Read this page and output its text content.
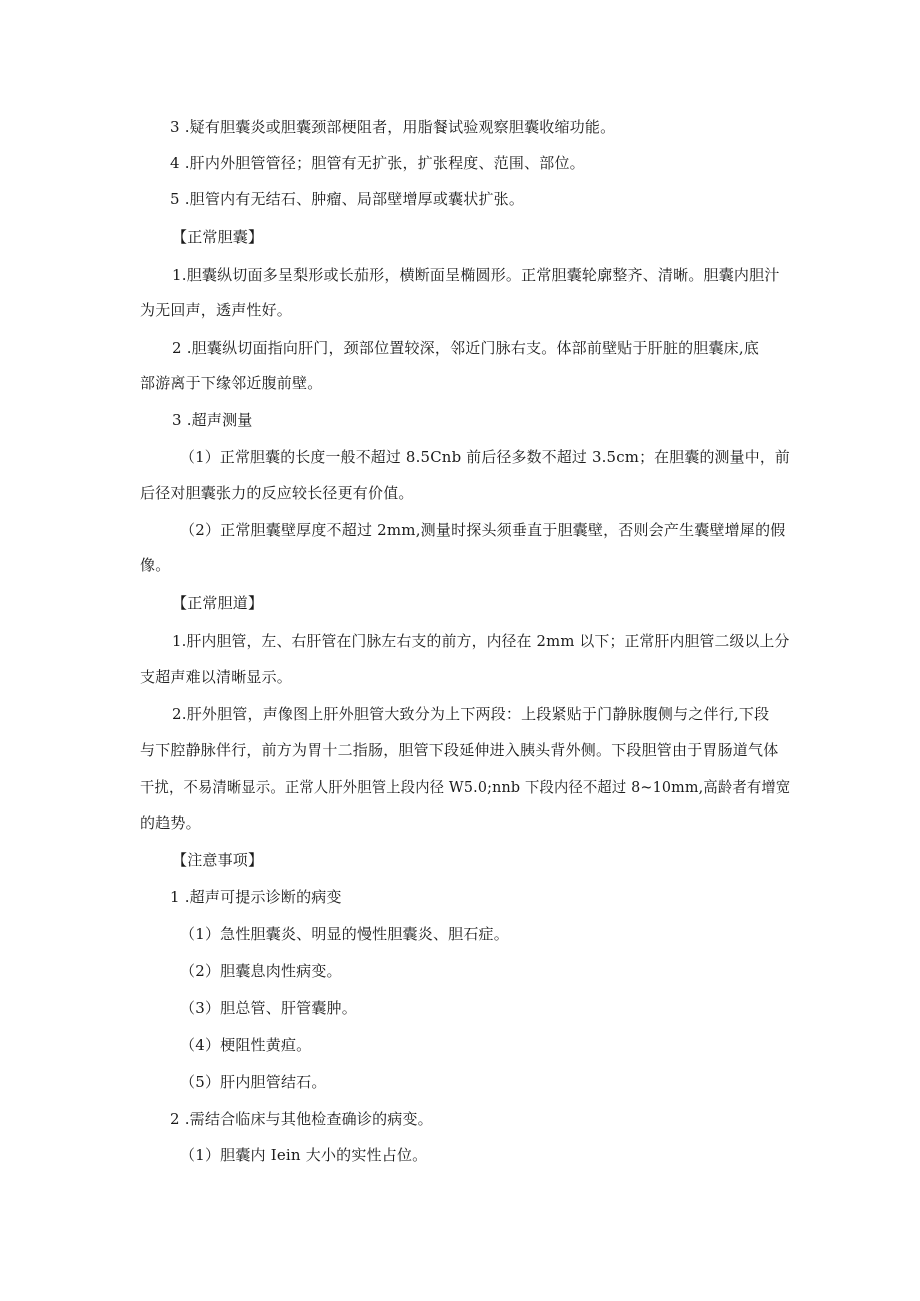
3 .疑有胆囊炎或胆囊颈部梗阻者，用脂餐试验观察胆囊收缩功能。
4 .肝内外胆管管径；胆管有无扩张，扩张程度、范围、部位。
5 .胆管内有无结石、肿瘤、局部壁增厚或囊状扩张。
【正常胆囊】
1.胆囊纵切面多呈梨形或长茄形，横断面呈椭圆形。正常胆囊轮廓整齐、清晰。胆囊内胆汁
为无回声，透声性好。
2 .胆囊纵切面指向肝门，颈部位置较深，邻近门脉右支。体部前壁贴于肝脏的胆囊床,底
部游离于下缘邻近腹前壁。
3 .超声测量
（1）正常胆囊的长度一般不超过 8.5Cnb 前后径多数不超过 3.5cm；在胆囊的测量中，前
后径对胆囊张力的反应较长径更有价值。
（2）正常胆囊壁厚度不超过 2mm,测量时探头须垂直于胆囊壁，否则会产生囊壁增犀的假
像。
【正常胆道】
1.肝内胆管，左、右肝管在门脉左右支的前方，内径在 2mm 以下；正常肝内胆管二级以上分
支超声难以清晰显示。
2.肝外胆管，声像图上肝外胆管大致分为上下两段：上段紧贴于门静脉腹侧与之伴行,下段
与下腔静脉伴行，前方为胃十二指肠，胆管下段延伸进入胰头背外侧。下段胆管由于胃肠道气体
干扰，不易清晰显示。正常人肝外胆管上段内径 W5.0;nnb 下段内径不超过 8~10mm,高龄者有增宽
的趋势。
【注意事项】
1 .超声可提示诊断的病变
（1）急性胆囊炎、明显的慢性胆囊炎、胆石症。
（2）胆囊息肉性病变。
（3）胆总管、肝管囊肿。
（4）梗阻性黄疸。
（5）肝内胆管结石。
2 .需结合临床与其他检查确诊的病变。
（1）胆囊内 Iein 大小的实性占位。
